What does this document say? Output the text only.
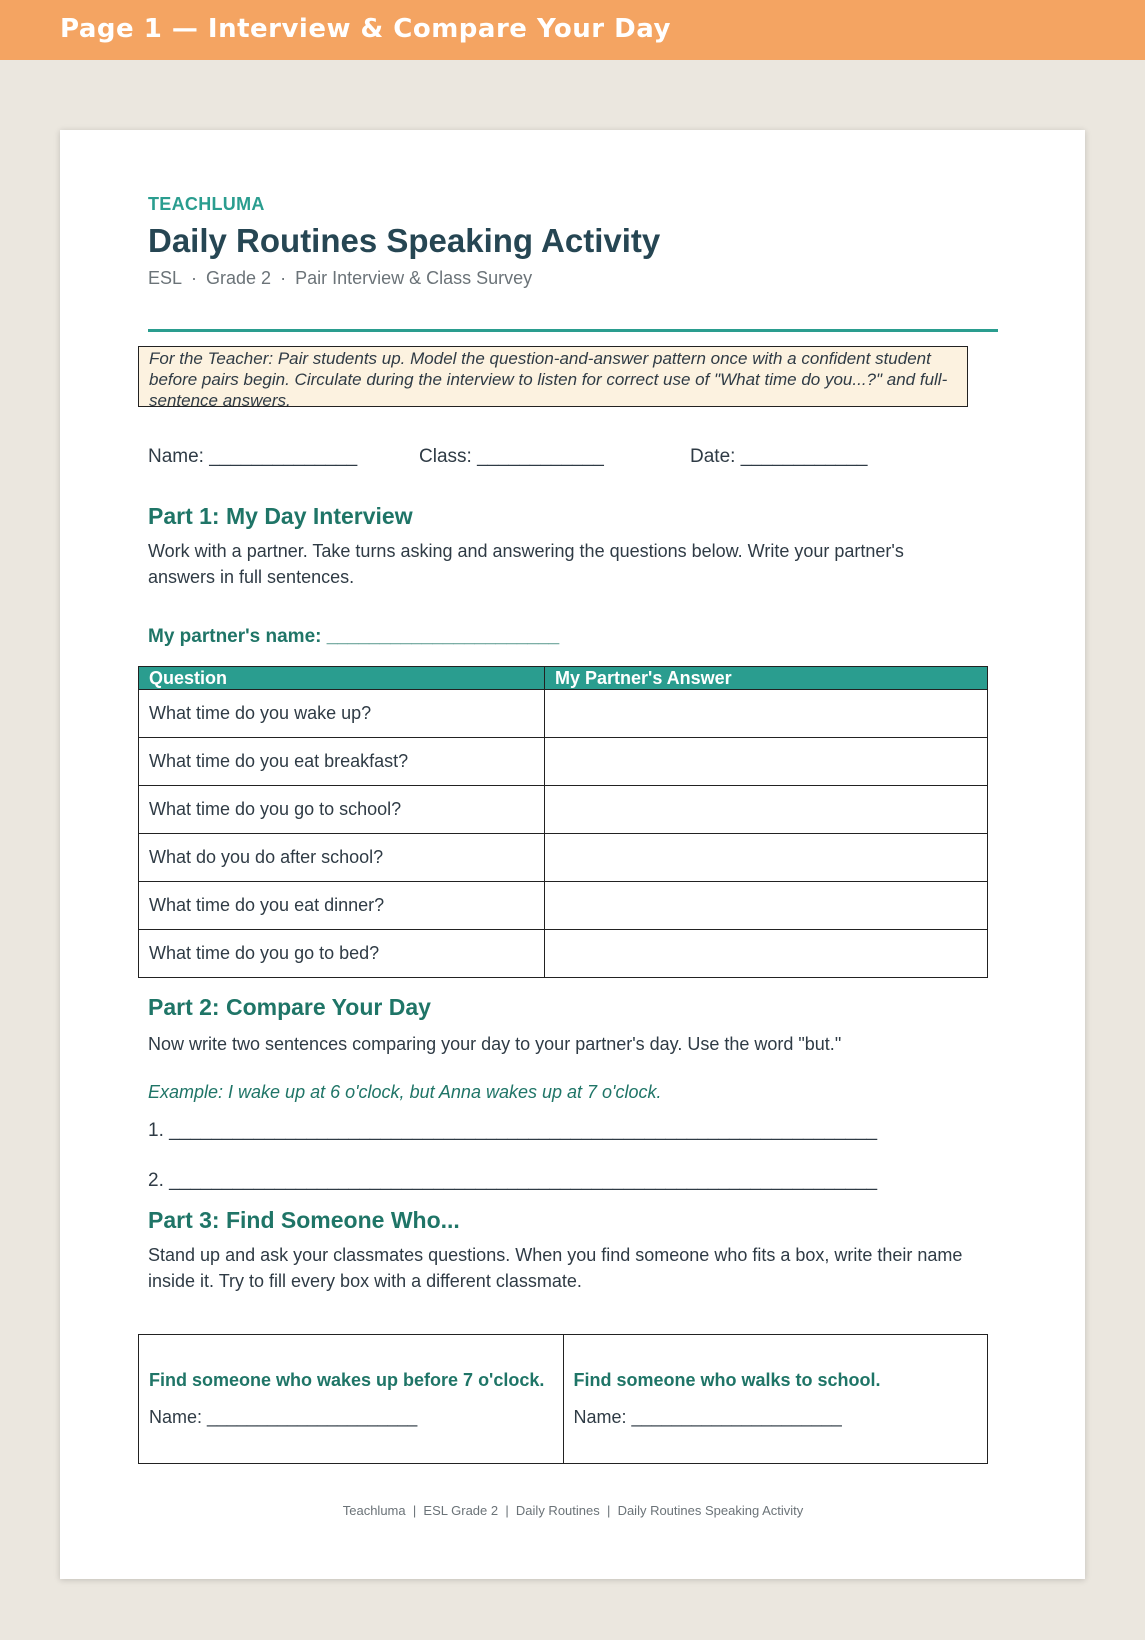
Page 1 — Interview & Compare Your Day
TEACHLUMA
Daily Routines Speaking Activity
ESL · Grade 2 · Pair Interview & Class Survey
For the Teacher: Pair students up. Model the question-and-answer pattern once with a confident student before pairs begin. Circulate during the interview to listen for correct use of "What time do you...?" and full-sentence answers.
Name: ______________	Class: ____________	Date: ____________
Part 1: My Day Interview
Work with a partner. Take turns asking and answering the questions below. Write your partner's answers in full sentences.
My partner's name: ______________________
Question	My Partner's Answer
What time do you wake up?	
What time do you eat breakfast?	
What time do you go to school?	
What do you do after school?	
What time do you eat dinner?	
What time do you go to bed?	
Part 2: Compare Your Day
Now write two sentences comparing your day to your partner's day. Use the word "but."
Example: I wake up at 6 o'clock, but Anna wakes up at 7 o'clock.
1. ___________________________________________________________________
2. ___________________________________________________________________
Part 3: Find Someone Who...
Stand up and ask your classmates questions. When you find someone who fits a box, write their name inside it. Try to fill every box with a different classmate.
Find someone who wakes up before 7 o'clock.
Name: _____________________

Find someone who walks to school.
Name: _____________________
Teachluma  |  ESL Grade 2  |  Daily Routines  |  Daily Routines Speaking Activity
